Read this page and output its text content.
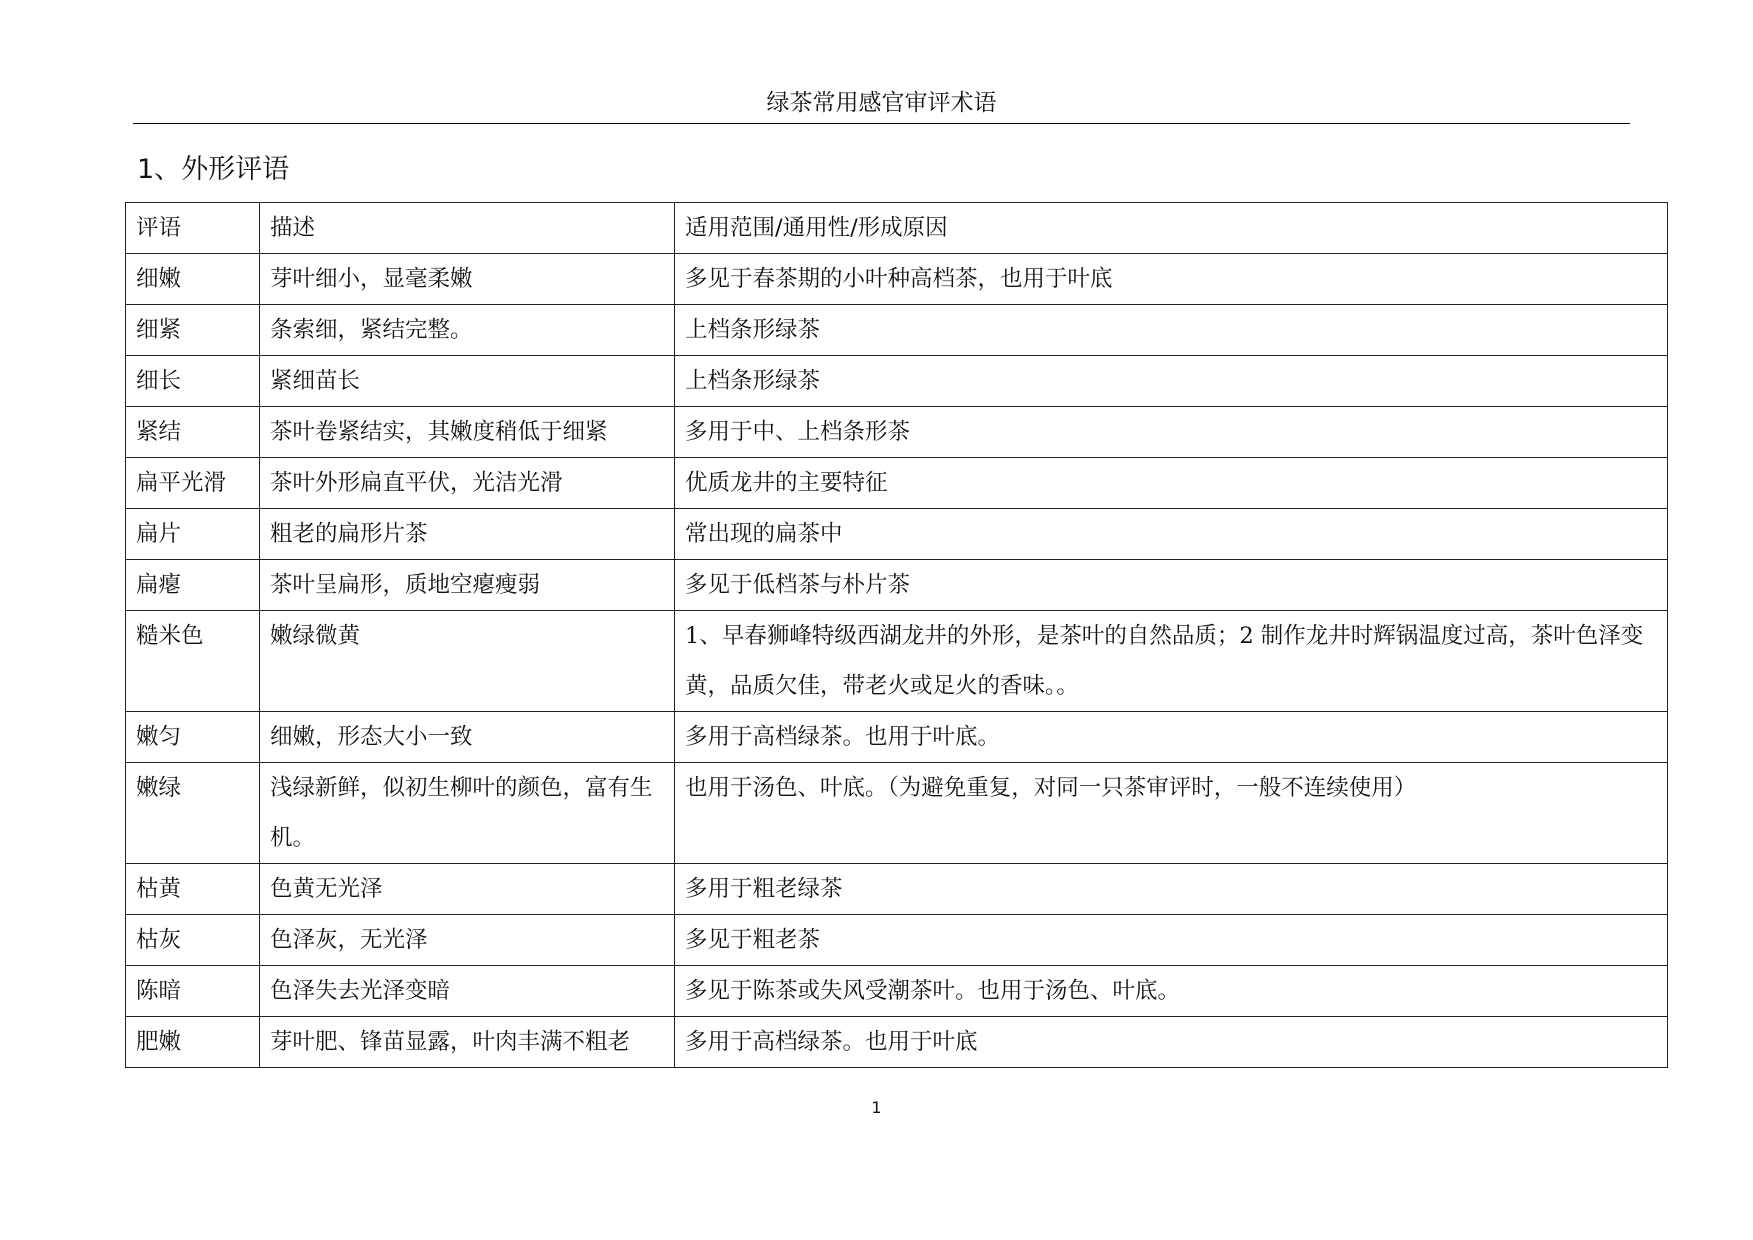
绿茶常用感官审评术语
1、外形评语
评语	描述	适用范围/通用性/形成原因
细嫩	芽叶细小，显毫柔嫩	多见于春茶期的小叶种高档茶，也用于叶底
细紧	条索细，紧结完整。	上档条形绿茶
细长	紧细苗长	上档条形绿茶
紧结	茶叶卷紧结实，其嫩度稍低于细紧	多用于中、上档条形茶
扁平光滑	茶叶外形扁直平伏，光洁光滑	优质龙井的主要特征
扁片	粗老的扁形片茶	常出现的扁茶中
扁瘪	茶叶呈扁形，质地空瘪瘦弱	多见于低档茶与朴片茶
糙米色	嫩绿微黄	1、早春狮峰特级西湖龙井的外形，是茶叶的自然品质；2 制作龙井时辉锅温度过高，茶叶色泽变黄，品质欠佳，带老火或足火的香味。。
嫩匀	细嫩，形态大小一致	多用于高档绿茶。也用于叶底。
嫩绿	浅绿新鲜，似初生柳叶的颜色，富有生机。	也用于汤色、叶底。（为避免重复，对同一只茶审评时，一般不连续使用）
枯黄	色黄无光泽	多用于粗老绿茶
枯灰	色泽灰，无光泽	多见于粗老茶
陈暗	色泽失去光泽变暗	多见于陈茶或失风受潮茶叶。也用于汤色、叶底。
肥嫩	芽叶肥、锋苗显露，叶肉丰满不粗老	多用于高档绿茶。也用于叶底
1
